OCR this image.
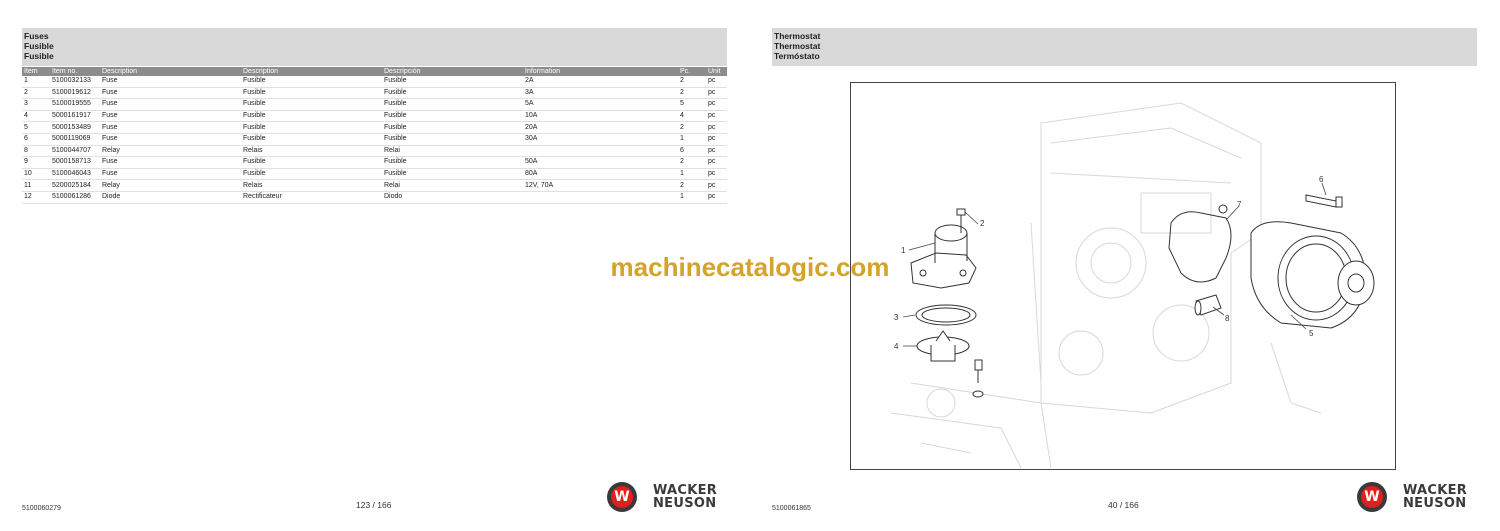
Fuses
Fusible
Fusible
Item	Item no.	Description	Description	Descripción	Information	Pc.	Unit
1	5100032133	Fuse	Fusible	Fusible	2A	2	pc
2	5100019612	Fuse	Fusible	Fusible	3A	2	pc
3	5100019555	Fuse	Fusible	Fusible	5A	5	pc
4	5000161917	Fuse	Fusible	Fusible	10A	4	pc
5	5000153489	Fuse	Fusible	Fusible	20A	2	pc
6	5000119069	Fuse	Fusible	Fusible	30A	1	pc
8	5100044707	Relay	Relais	Relai		6	pc
9	5000158713	Fuse	Fusible	Fusible	50A	2	pc
10	5100046043	Fuse	Fusible	Fusible	80A	1	pc
11	5200025184	Relay	Relais	Relai	12V, 70A	2	pc
12	5100061286	Diode	Rectificateur	Diodo		1	pc
5100060279	123 / 166	W WACKER
NEUSON
Thermostat
Thermostat
Termóstato
5100061865	40 / 166	W WACKER
NEUSON
1
2
3
4
5
6
7
8
machinecatalogic.com
